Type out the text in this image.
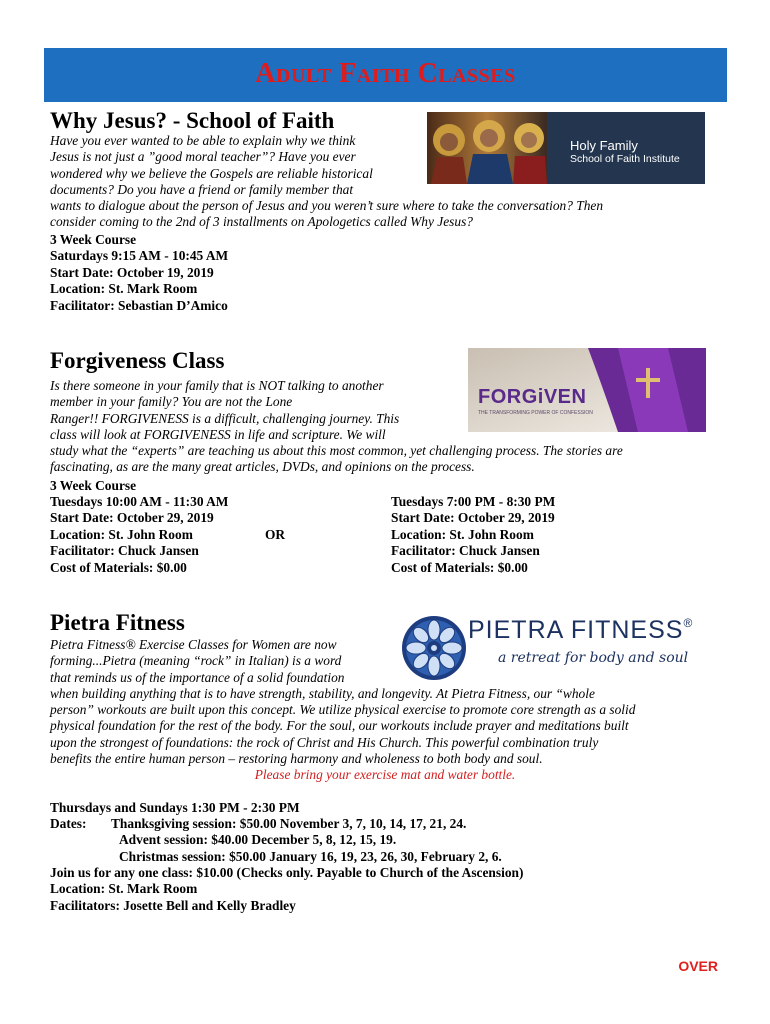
Adult Faith Classes
Why Jesus? - School of Faith
Holy Family
School of Faith Institute
Have you ever wanted to be able to explain why we think
Jesus is not just a ”good moral teacher”? Have you ever
wondered why we believe the Gospels are reliable historical
documents? Do you have a friend or family member that
wants to dialogue about the person of Jesus and you weren’t sure where to take the conversation? Then
consider coming to the 2nd of 3 installments on Apologetics called Why Jesus?
3 Week Course
Saturdays 9:15 AM - 10:45 AM
Start Date: October 19, 2019
Location: St. Mark Room
Facilitator: Sebastian D’Amico
Forgiveness Class
FORGiVEN
THE TRANSFORMING POWER OF CONFESSION
Is there someone in your family that is NOT talking to another
member in your family? You are not the Lone
Ranger!! FORGIVENESS is a difficult, challenging journey. This
class will look at FORGIVENESS in life and scripture. We will
study what the “experts” are teaching us about this most common, yet challenging process. The stories are
fascinating, as are the many great articles, DVDs, and opinions on the process.
3 Week Course
Tuesdays 10:00 AM - 11:30 AM
Start Date: October 29, 2019
Location: St. John Room
Facilitator: Chuck Jansen
Cost of Materials: $0.00
OR
Tuesdays 7:00 PM - 8:30 PM
Start Date: October 29, 2019
Location: St. John Room
Facilitator: Chuck Jansen
Cost of Materials: $0.00
Pietra Fitness	PIETRA FITNESS®
a retreat for body and soul
Pietra Fitness® Exercise Classes for Women are now
forming...Pietra (meaning “rock” in Italian) is a word
that reminds us of the importance of a solid foundation
when building anything that is to have strength, stability, and longevity. At Pietra Fitness, our “whole
person” workouts are built upon this concept. We utilize physical exercise to promote core strength as a solid
physical foundation for the rest of the body. For the soul, our workouts include prayer and meditations built
upon the strongest of foundations: the rock of Christ and His Church. This powerful combination truly
benefits the entire human person – restoring harmony and wholeness to both body and soul.
Please bring your exercise mat and water bottle.
Thursdays and Sundays 1:30 PM - 2:30 PM
Dates: Thanksgiving session: $50.00 November 3, 7, 10, 14, 17, 21, 24.
Advent session: $40.00 December 5, 8, 12, 15, 19.
Christmas session: $50.00 January 16, 19, 23, 26, 30, February 2, 6.
Join us for any one class: $10.00 (Checks only. Payable to Church of the Ascension)
Location: St. Mark Room
Facilitators: Josette Bell and Kelly Bradley
OVER
